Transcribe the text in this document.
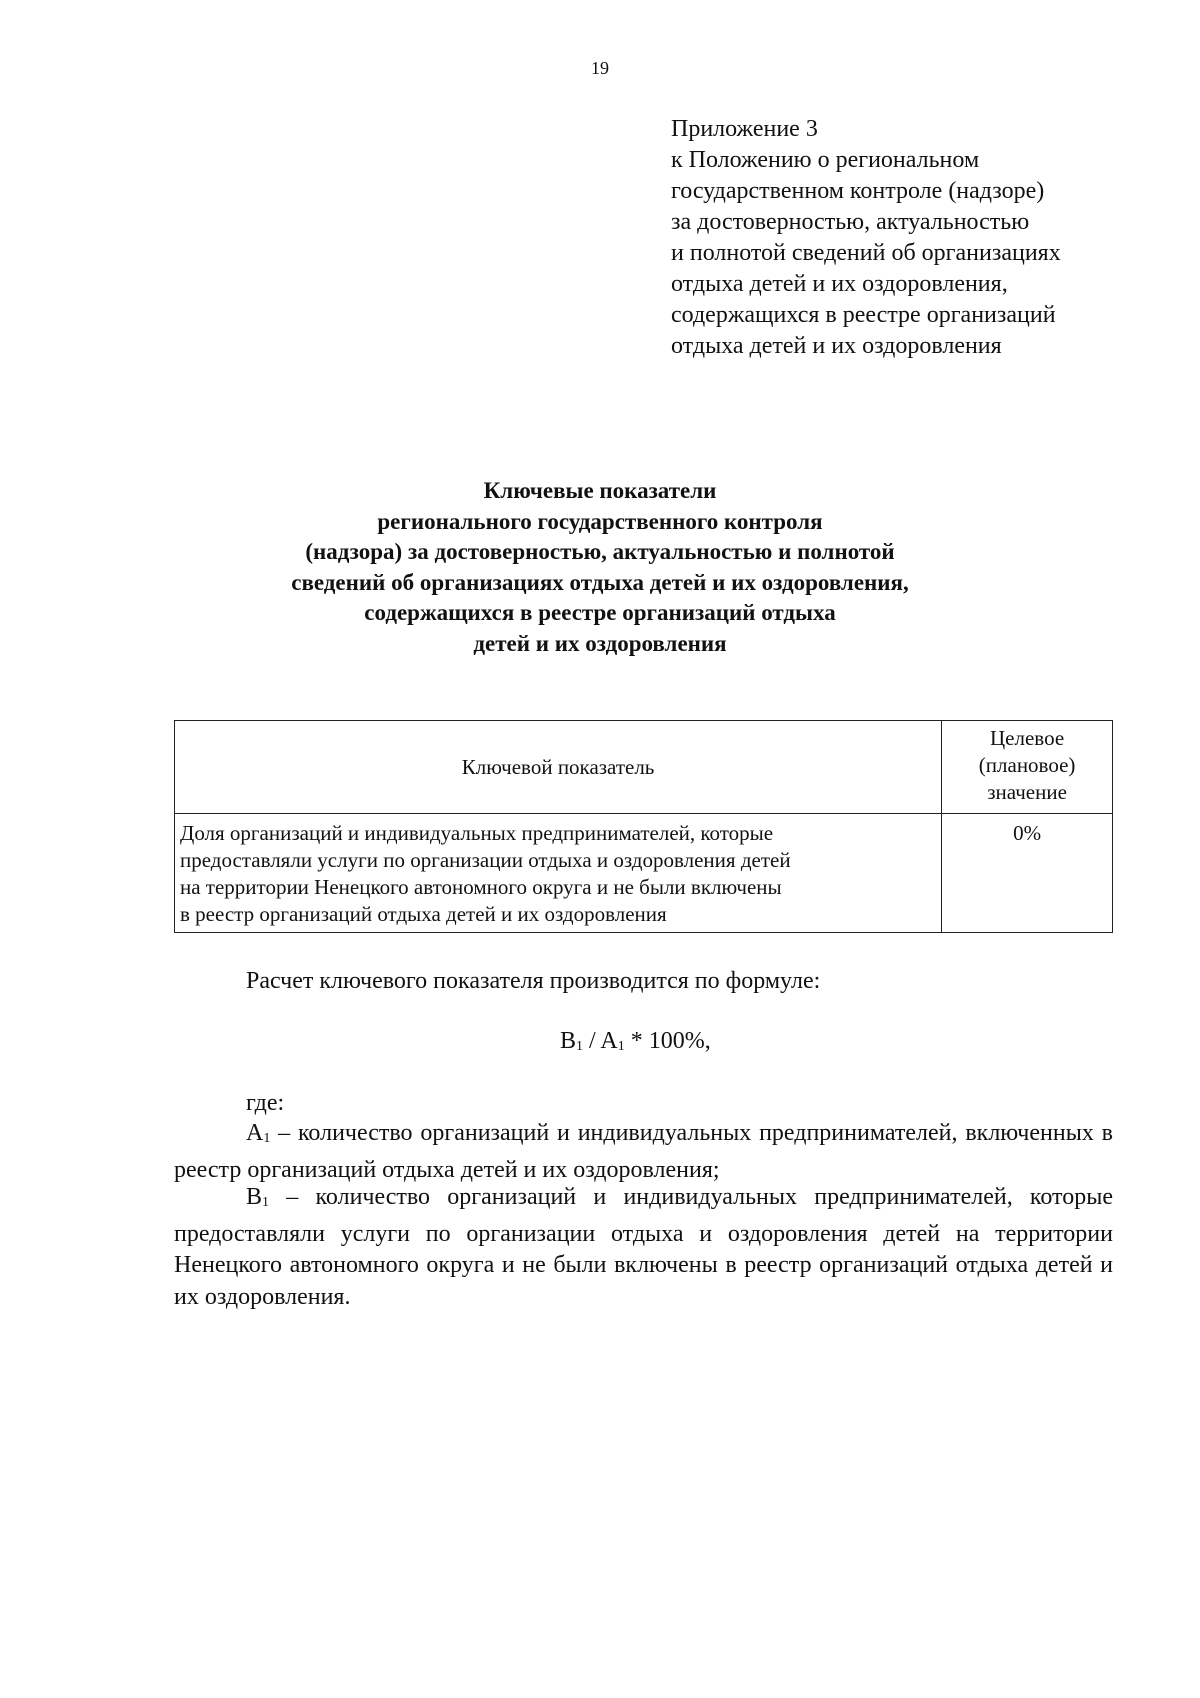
19
Приложение 3
к Положению о региональном
государственном контроле (надзоре)
за достоверностью, актуальностью
и полнотой сведений об организациях
отдыха детей и их оздоровления,
содержащихся в реестре организаций
отдыха детей и их оздоровления
Ключевые показатели
регионального государственного контроля
(надзора) за достоверностью, актуальностью и полнотой
сведений об организациях отдыха детей и их оздоровления,
содержащихся в реестре организаций отдыха
детей и их оздоровления
Ключевой показатель	Целевое
(плановое)
значение

Доля организаций и индивидуальных предпринимателей, которые
предоставляли услуги по организации отдыха и оздоровления детей
на территории Ненецкого автономного округа и не были включены
в реестр организаций отдыха детей и их оздоровления	0%
Расчет ключевого показателя производится по формуле:
$B_1 / A_1 * 100\%$,
где:
$A_1$ – количество организаций и индивидуальных предпринимателей, включенных в реестр организаций отдыха детей и их оздоровления;
$B_1$ – количество организаций и индивидуальных предпринимателей, которые предоставляли услуги по организации отдыха и оздоровления детей на территории Ненецкого автономного округа и не были включены в реестр организаций отдыха детей и их оздоровления.
